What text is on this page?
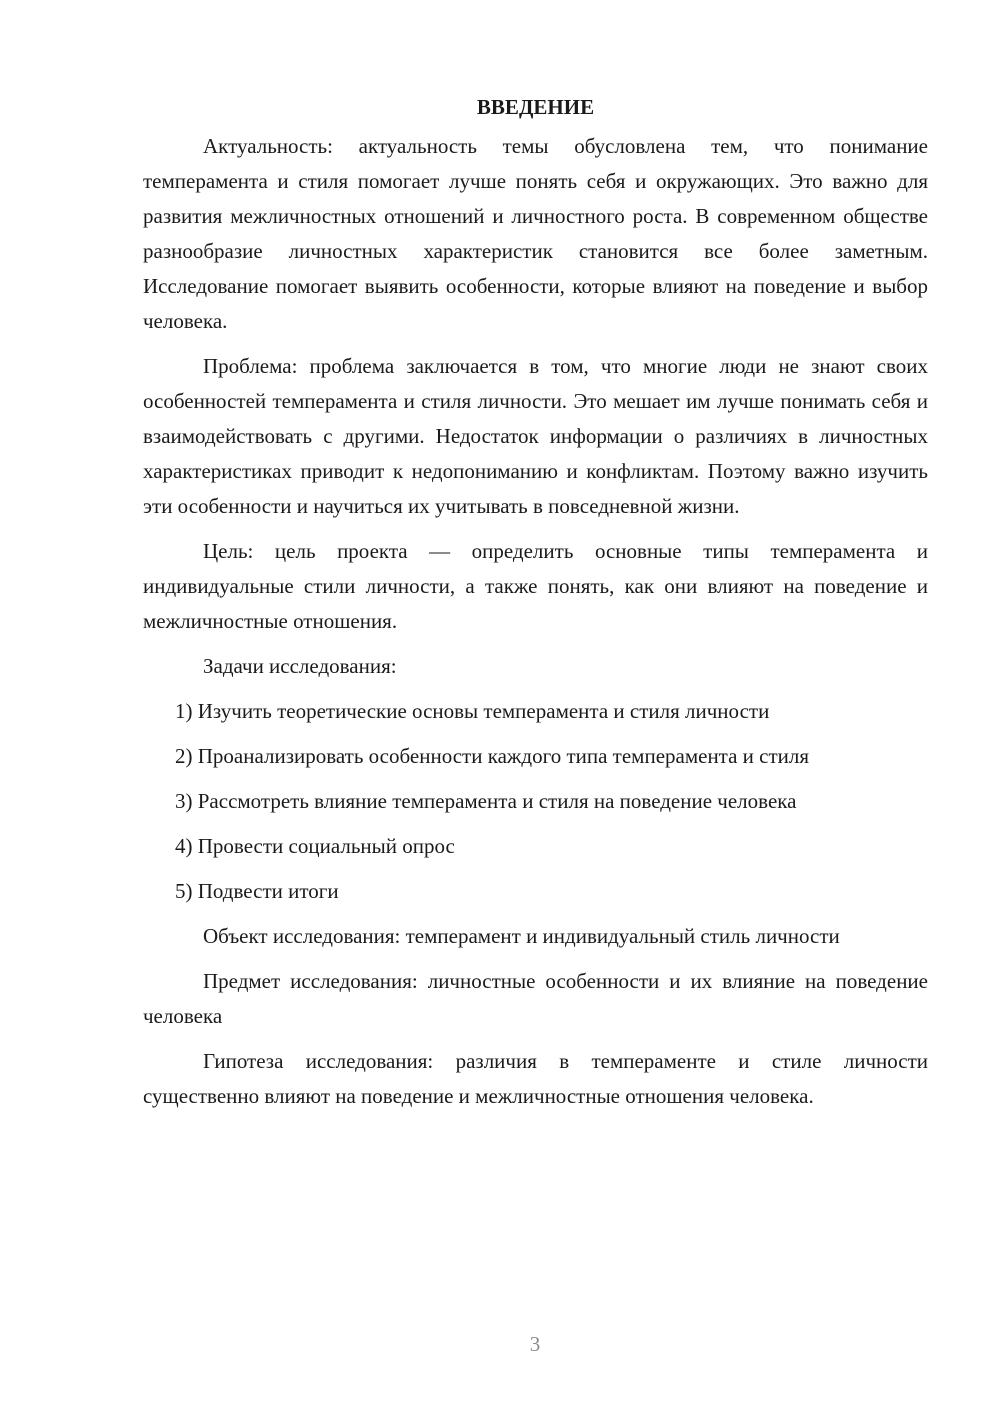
ВВЕДЕНИЕ

Актуальность: актуальность темы обусловлена тем, что понимание темперамента и стиля помогает лучше понять себя и окружающих. Это важно для развития межличностных отношений и личностного роста. В современном обществе разнообразие личностных характеристик становится все более заметным. Исследование помогает выявить особенности, которые влияют на поведение и выбор человека.

Проблема: проблема заключается в том, что многие люди не знают своих особенностей темперамента и стиля личности. Это мешает им лучше понимать себя и взаимодействовать с другими. Недостаток информации о различиях в личностных характеристиках приводит к недопониманию и конфликтам. Поэтому важно изучить эти особенности и научиться их учитывать в повседневной жизни.

Цель: цель проекта — определить основные типы темперамента и индивидуальные стили личности, а также понять, как они влияют на поведение и межличностные отношения.

Задачи исследования:

1) Изучить теоретические основы темперамента и стиля личности

2) Проанализировать особенности каждого типа темперамента и стиля

3) Рассмотреть влияние темперамента и стиля на поведение человека

4) Провести социальный опрос

5) Подвести итоги

Объект исследования: темперамент и индивидуальный стиль личности

Предмет исследования: личностные особенности и их влияние на поведение человека

Гипотеза исследования: различия в темпераменте и стиле личности существенно влияют на поведение и межличностные отношения человека.

3
